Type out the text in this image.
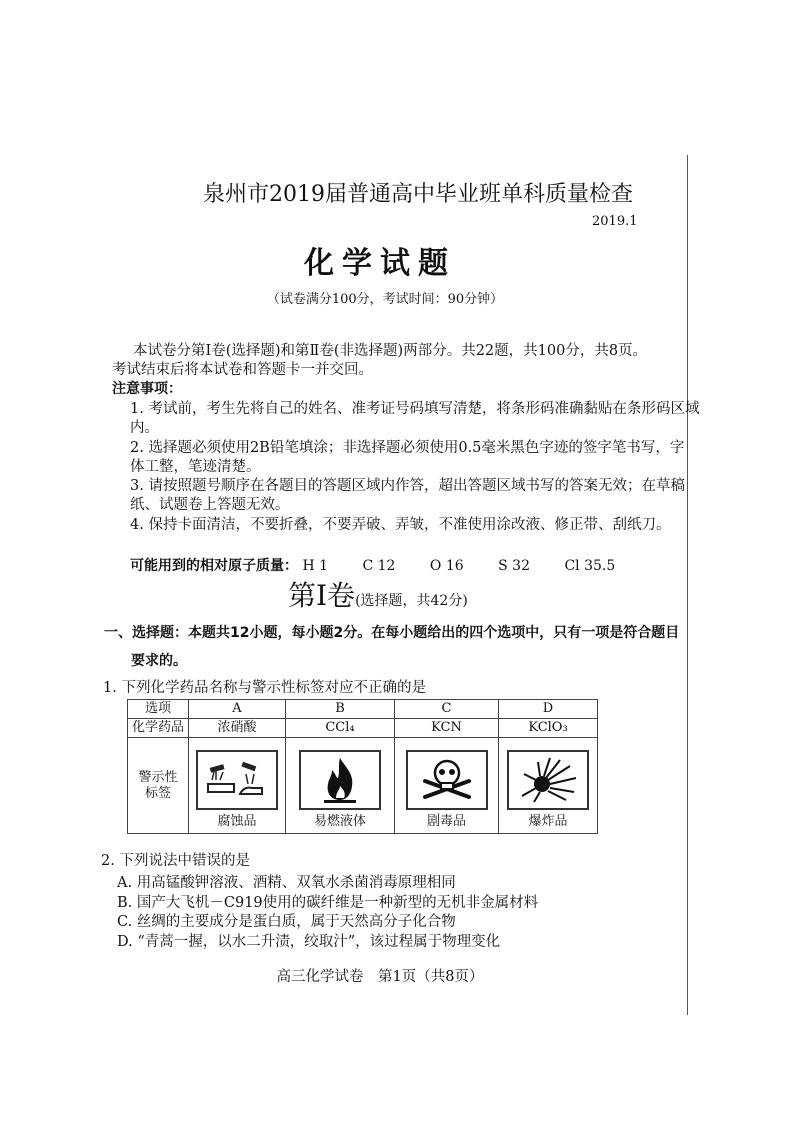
泉州市2019届普通高中毕业班单科质量检查
2019.1
化学试题
（试卷满分100分，考试时间：90分钟）
本试卷分第Ⅰ卷(选择题)和第Ⅱ卷(非选择题)两部分。共22题，共100分，共8页。
考试结束后将本试卷和答题卡一并交回。
注意事项：
1. 考试前，考生先将自己的姓名、准考证号码填写清楚，将条形码准确黏贴在条形码区域
内。
2. 选择题必须使用2B铅笔填涂；非选择题必须使用0.5毫米黑色字迹的签字笔书写，字
体工整，笔迹清楚。
3. 请按照题号顺序在各题目的答题区域内作答，超出答题区域书写的答案无效；在草稿
纸、试题卷上答题无效。
4. 保持卡面清洁，不要折叠，不要弄破、弄皱，不准使用涂改液、修正带、刮纸刀。
可能用到的相对原子质量： H 1 C 12 O 16 S 32 Cl 35.5
第Ⅰ卷(选择题，共42分)
一、选择题：本题共12小题，每小题2分。在每小题给出的四个选项中，只有一项是符合题目
要求的。
1. 下列化学药品名称与警示性标签对应不正确的是
选项	A	B	C	D
化学药品	浓硝酸	CCl₄	KCN	KClO₃
警示性标签	腐蚀品	易燃液体	剧毒品	爆炸品
2. 下列说法中错误的是
A. 用高锰酸钾溶液、酒精、双氧水杀菌消毒原理相同
B. 国产大飞机－C919使用的碳纤维是一种新型的无机非金属材料
C. 丝绸的主要成分是蛋白质，属于天然高分子化合物
D. “青蒿一握，以水二升渍，绞取汁”，该过程属于物理变化
高三化学试卷　第1页（共8页）
